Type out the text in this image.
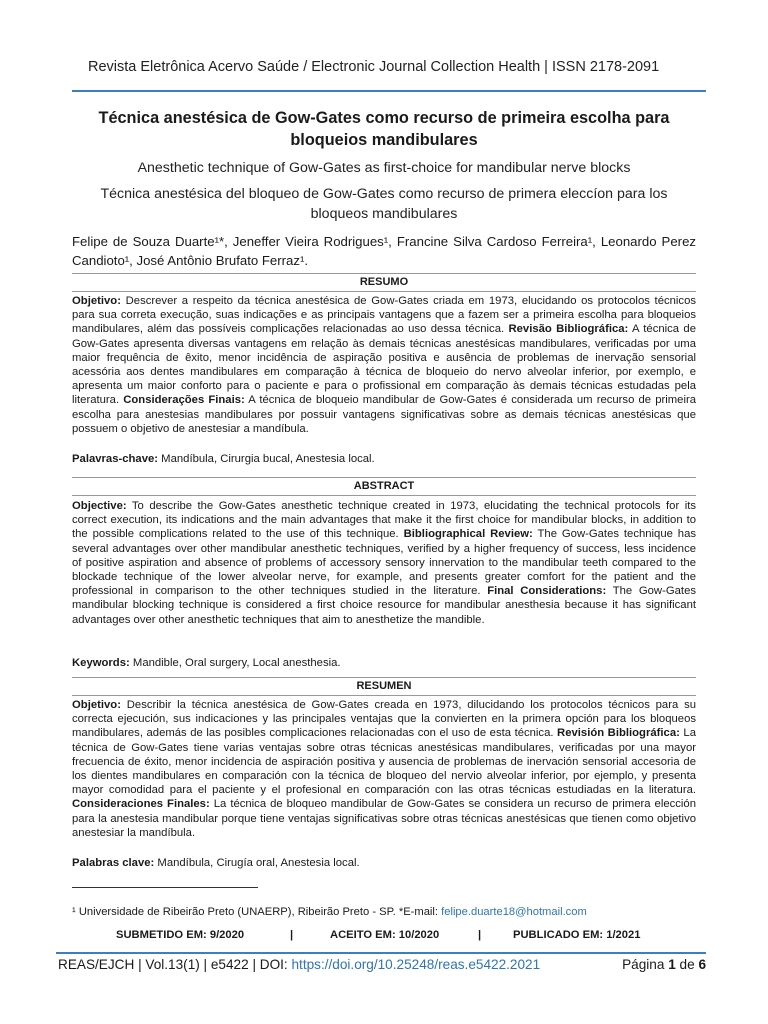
Revista Eletrônica Acervo Saúde / Electronic Journal Collection Health | ISSN 2178-2091
Técnica anestésica de Gow-Gates como recurso de primeira escolha para bloqueios mandibulares
Anesthetic technique of Gow-Gates as first-choice for mandibular nerve blocks
Técnica anestésica del bloqueo de Gow-Gates como recurso de primera eleccíon para los bloqueos mandibulares
Felipe de Souza Duarte¹*, Jeneffer Vieira Rodrigues¹, Francine Silva Cardoso Ferreira¹, Leonardo Perez Candioto¹, José Antônio Brufato Ferraz¹.
RESUMO
Objetivo: Descrever a respeito da técnica anestésica de Gow-Gates criada em 1973, elucidando os protocolos técnicos para sua correta execução, suas indicações e as principais vantagens que a fazem ser a primeira escolha para bloqueios mandibulares, além das possíveis complicações relacionadas ao uso dessa técnica. Revisão Bibliográfica: A técnica de Gow-Gates apresenta diversas vantagens em relação às demais técnicas anestésicas mandibulares, verificadas por uma maior frequência de êxito, menor incidência de aspiração positiva e ausência de problemas de inervação sensorial acessória aos dentes mandibulares em comparação à técnica de bloqueio do nervo alveolar inferior, por exemplo, e apresenta um maior conforto para o paciente e para o profissional em comparação às demais técnicas estudadas pela literatura. Considerações Finais: A técnica de bloqueio mandibular de Gow-Gates é considerada um recurso de primeira escolha para anestesias mandibulares por possuir vantagens significativas sobre as demais técnicas anestésicas que possuem o objetivo de anestesiar a mandíbula.
Palavras-chave: Mandíbula, Cirurgia bucal, Anestesia local.
ABSTRACT
Objective: To describe the Gow-Gates anesthetic technique created in 1973, elucidating the technical protocols for its correct execution, its indications and the main advantages that make it the first choice for mandibular blocks, in addition to the possible complications related to the use of this technique. Bibliographical Review: The Gow-Gates technique has several advantages over other mandibular anesthetic techniques, verified by a higher frequency of success, less incidence of positive aspiration and absence of problems of accessory sensory innervation to the mandibular teeth compared to the blockade technique of the lower alveolar nerve, for example, and presents greater comfort for the patient and the professional in comparison to the other techniques studied in the literature. Final Considerations: The Gow-Gates mandibular blocking technique is considered a first choice resource for mandibular anesthesia because it has significant advantages over other anesthetic techniques that aim to anesthetize the mandible.
Keywords: Mandible, Oral surgery, Local anesthesia.
RESUMEN
Objetivo: Describir la técnica anestésica de Gow-Gates creada en 1973, dilucidando los protocolos técnicos para su correcta ejecución, sus indicaciones y las principales ventajas que la convierten en la primera opción para los bloqueos mandibulares, además de las posibles complicaciones relacionadas con el uso de esta técnica. Revisión Bibliográfica: La técnica de Gow-Gates tiene varias ventajas sobre otras técnicas anestésicas mandibulares, verificadas por una mayor frecuencia de éxito, menor incidencia de aspiración positiva y ausencia de problemas de inervación sensorial accesoria de los dientes mandibulares en comparación con la técnica de bloqueo del nervio alveolar inferior, por ejemplo, y presenta mayor comodidad para el paciente y el profesional en comparación con las otras técnicas estudiadas en la literatura. Consideraciones Finales: La técnica de bloqueo mandibular de Gow-Gates se considera un recurso de primera elección para la anestesia mandibular porque tiene ventajas significativas sobre otras técnicas anestésicas que tienen como objetivo anestesiar la mandíbula.
Palabras clave: Mandíbula, Cirugía oral, Anestesia local.
¹ Universidade de Ribeirão Preto (UNAERP), Ribeirão Preto - SP. *E-mail: felipe.duarte18@hotmail.com
SUBMETIDO EM: 9/2020	|	ACEITO EM: 10/2020	|	PUBLICADO EM: 1/2021
REAS/EJCH | Vol.13(1) | e5422 | DOI: https://doi.org/10.25248/reas.e5422.2021	Página 1 de 6
